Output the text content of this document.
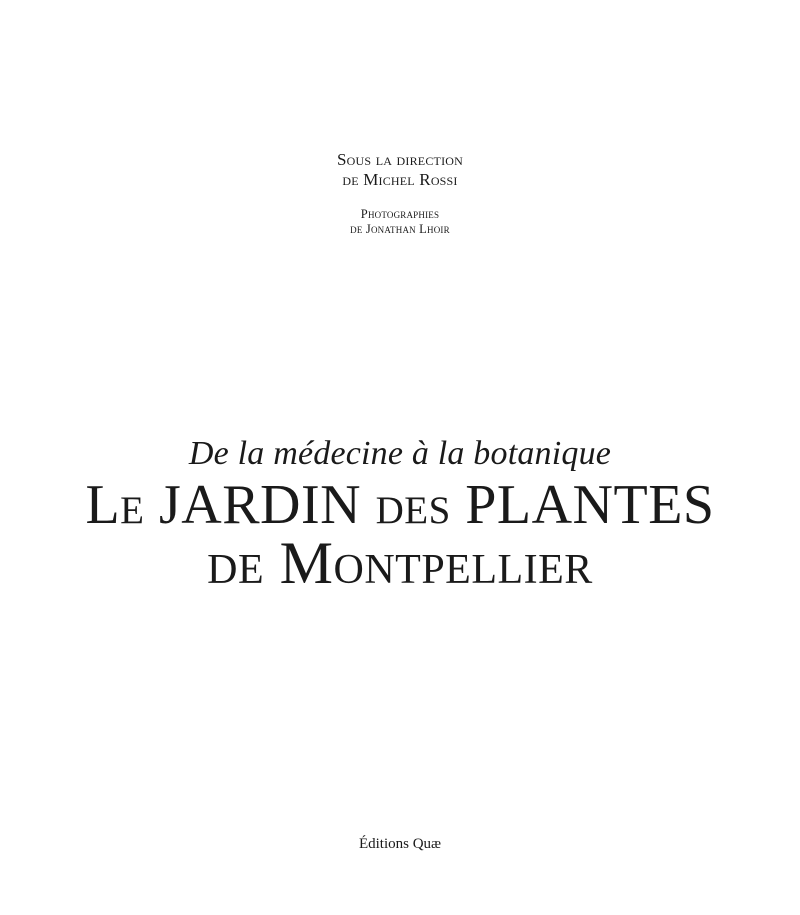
Sous la direction
de Michel Rossi
Photographies
de Jonathan Lhoir
De la médecine à la botanique
Le JARDIN des PLANTES
de Montpellier
Éditions Quæ
